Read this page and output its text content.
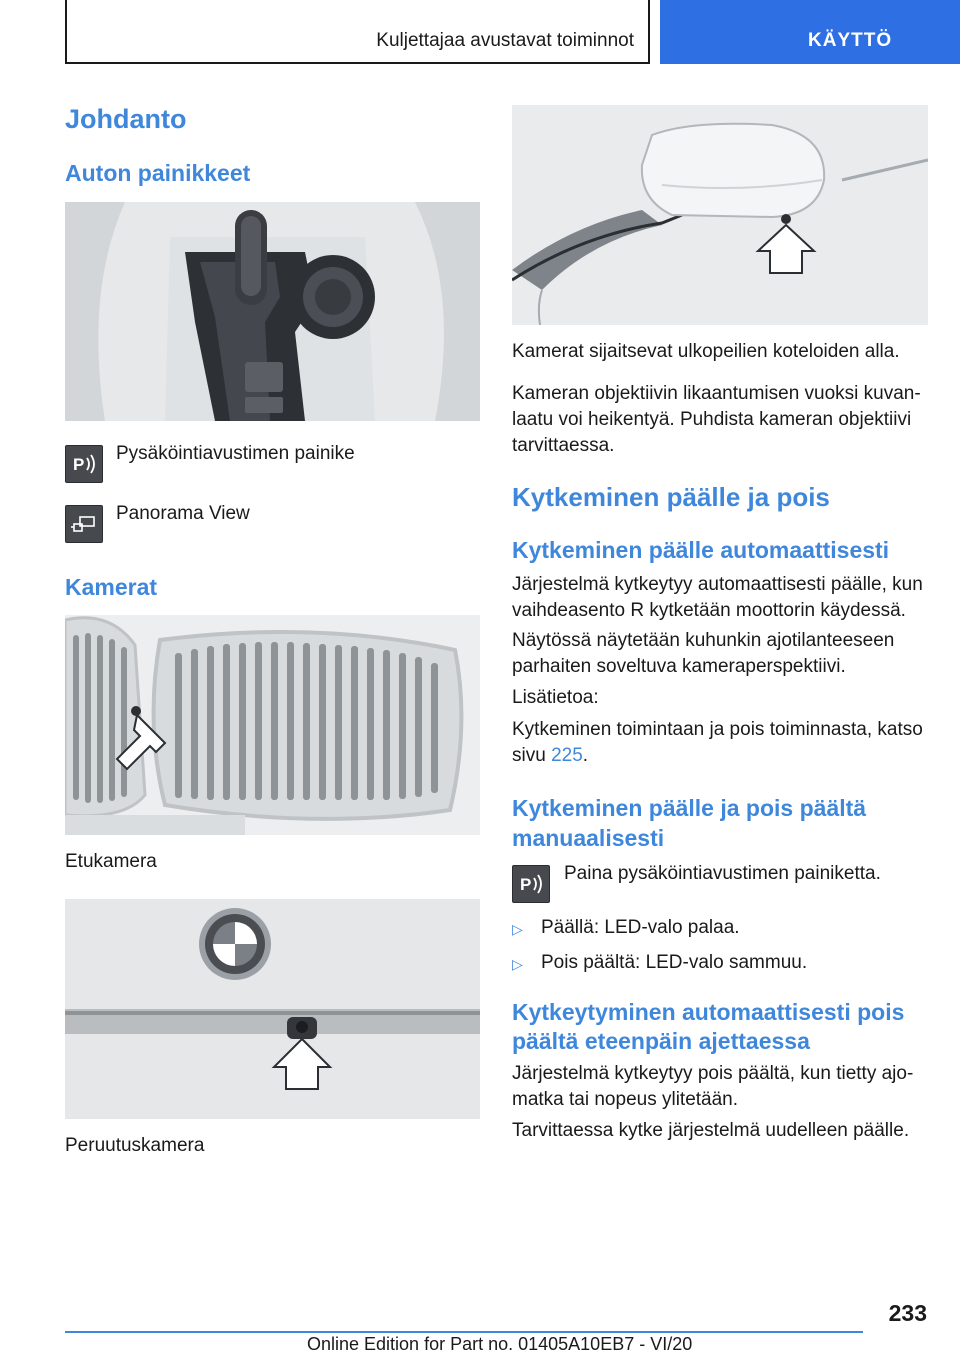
Kuljettajaa avustavat toiminnot	KÄYTTÖ
Johdanto
Auton painikkeet
P
Pysäköintiavustimen painike
Panorama View
Kamerat
Etukamera
Peruutuskamera
Kamerat sijaitsevat ulkopeilien koteloiden alla.
Kameran objektiivin likaantumisen vuoksi kuvanlaatu voi heikentyä. Puhdista kameran objektiivi tarvittaessa.
Kytkeminen päälle ja pois
Kytkeminen päälle automaattisesti
Järjestelmä kytkeytyy automaattisesti päälle, kun vaihdeasento R kytketään moottorin käydessä.
Näytössä näytetään kuhunkin ajotilanteeseen parhaiten soveltuva kameraperspektiivi.
Lisätietoa:
Kytkeminen toimintaan ja pois toiminnasta, katso sivu 225.
Kytkeminen päälle ja pois päältä manuaalisesti
P
Paina pysäköintiavustimen painiketta.
▷ Päällä: LED-valo palaa.
▷ Pois päältä: LED-valo sammuu.
Kytkeytyminen automaattisesti pois päältä eteenpäin ajettaessa
Järjestelmä kytkeytyy pois päältä, kun tietty ajomatka tai nopeus ylitetään.
Tarvittaessa kytke järjestelmä uudelleen päälle.
233
Online Edition for Part no. 01405A10EB7 - VI/20
